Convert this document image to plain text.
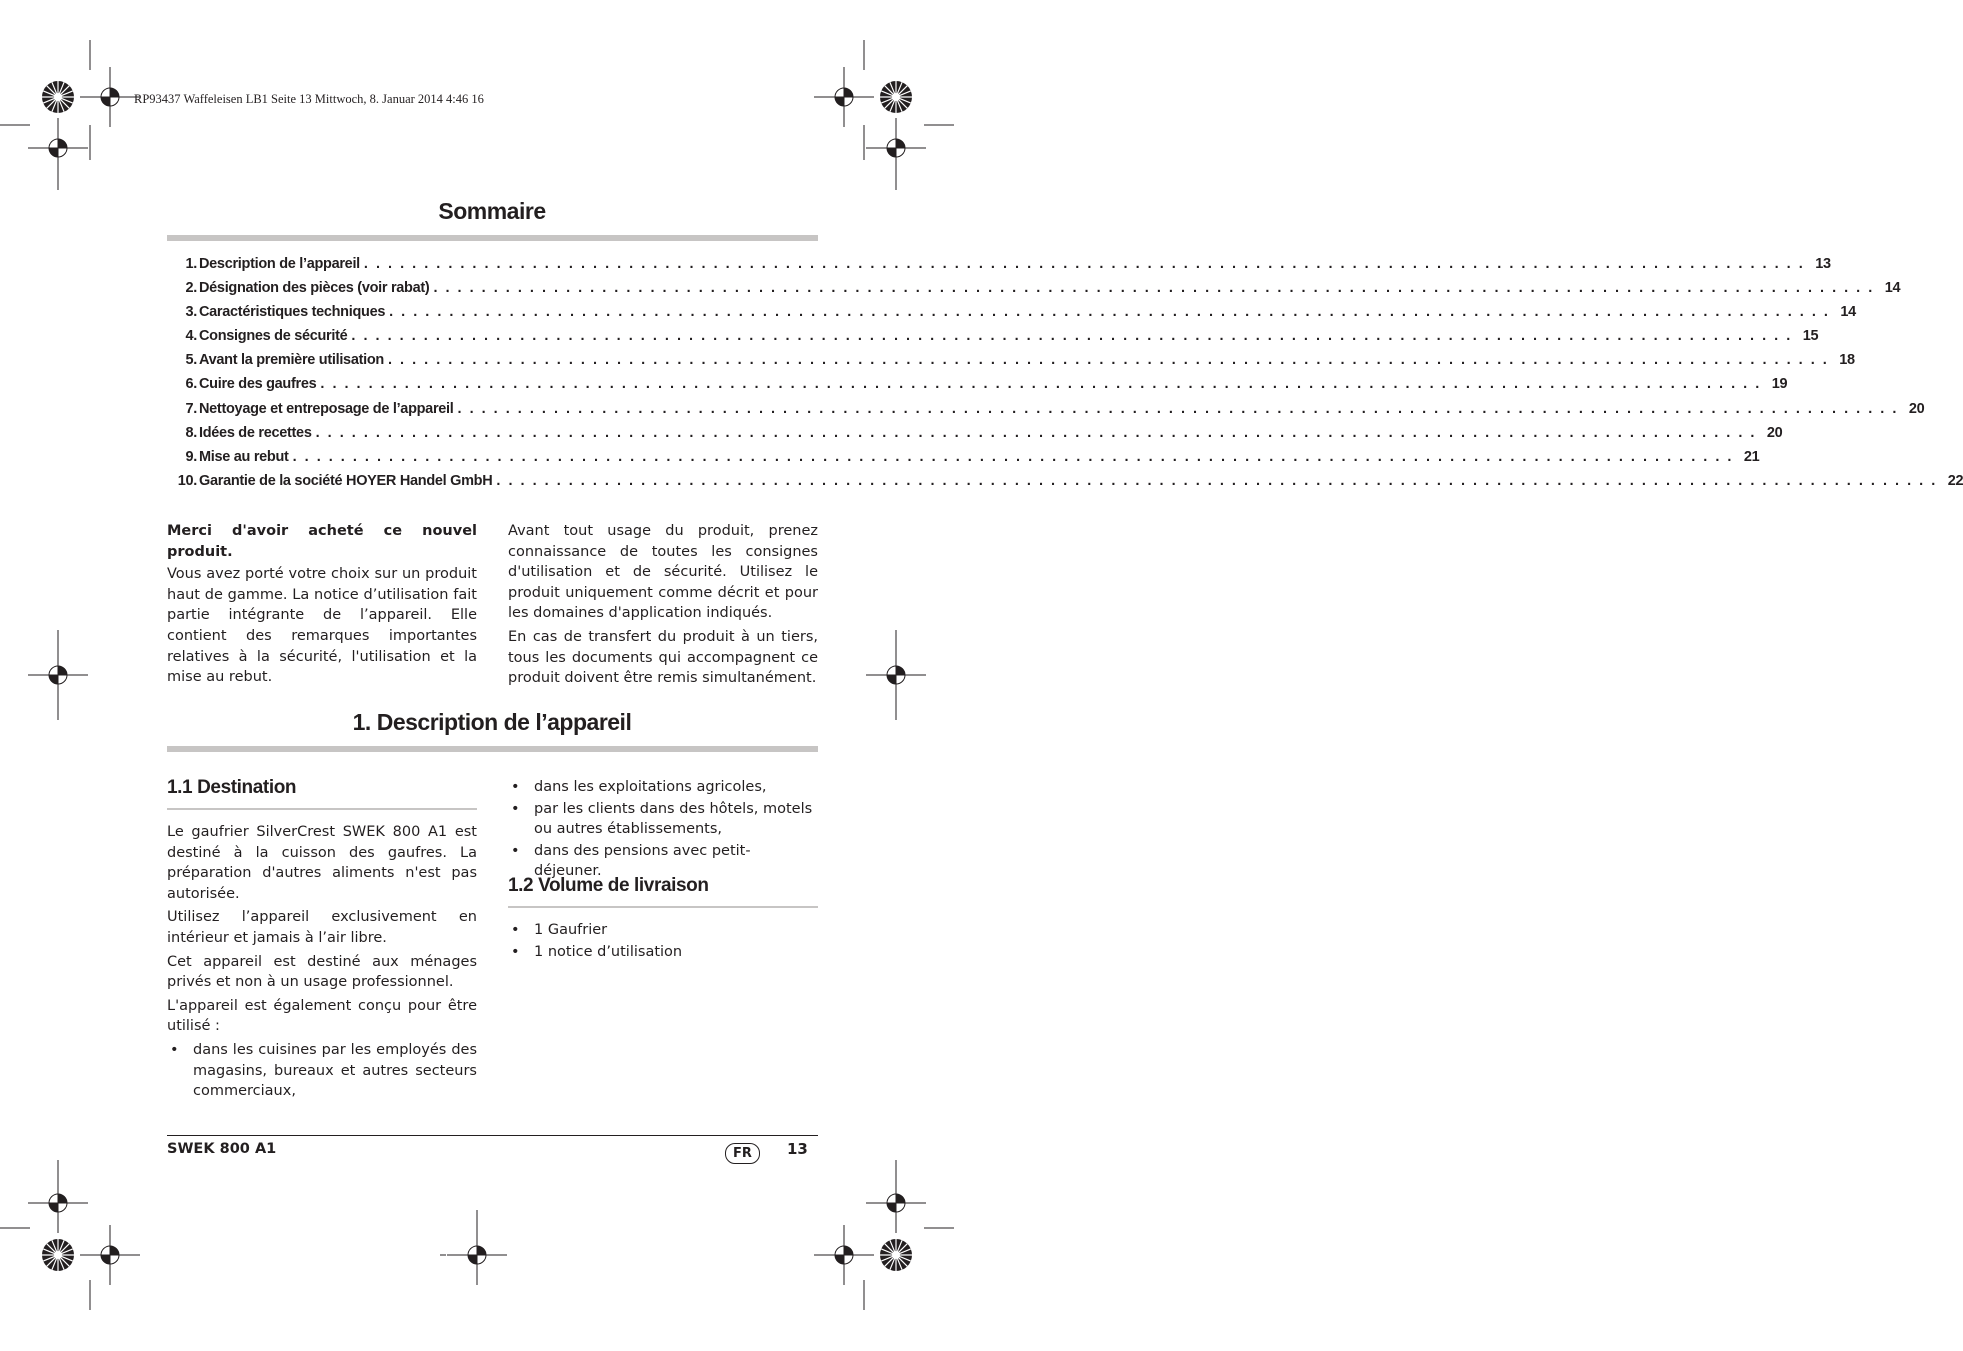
RP93437 Waffeleisen LB1 Seite 13 Mittwoch, 8. Januar 2014 4:46 16
Sommaire
1. Description de l’appareil . . . . . . . . . . . . . . . . . . . . . . . . . . . . . . . . . . . . . . . . . . . . . . . . . . . . . . . . . . . . . . . . . . . . . . . . . . . . . . . . . . . . . . . . . . . . . . . . . . . . . . . . . . . . . . . . . . . . . . . . 13
2. Désignation des pièces (voir rabat) . . . . . . . . . . . . . . . . . . . . . . . . . . . . . . . . . . . . . . . . . . . . . . . . . . . . . . . . . . . . . . . . . . . . . . . . . . . . . . . . . . . . . . . . . . . . . . . . . . . . . . . . . . . . . . . . . . . . . . . . 14
3. Caractéristiques techniques . . . . . . . . . . . . . . . . . . . . . . . . . . . . . . . . . . . . . . . . . . . . . . . . . . . . . . . . . . . . . . . . . . . . . . . . . . . . . . . . . . . . . . . . . . . . . . . . . . . . . . . . . . . . . . . . . . . . . . . . 14
4. Consignes de sécurité . . . . . . . . . . . . . . . . . . . . . . . . . . . . . . . . . . . . . . . . . . . . . . . . . . . . . . . . . . . . . . . . . . . . . . . . . . . . . . . . . . . . . . . . . . . . . . . . . . . . . . . . . . . . . . . . . . . . . . . . 15
5. Avant la première utilisation . . . . . . . . . . . . . . . . . . . . . . . . . . . . . . . . . . . . . . . . . . . . . . . . . . . . . . . . . . . . . . . . . . . . . . . . . . . . . . . . . . . . . . . . . . . . . . . . . . . . . . . . . . . . . . . . . . . . . . . . 18
6. Cuire des gaufres . . . . . . . . . . . . . . . . . . . . . . . . . . . . . . . . . . . . . . . . . . . . . . . . . . . . . . . . . . . . . . . . . . . . . . . . . . . . . . . . . . . . . . . . . . . . . . . . . . . . . . . . . . . . . . . . . . . . . . . . 19
7. Nettoyage et entreposage de l’appareil . . . . . . . . . . . . . . . . . . . . . . . . . . . . . . . . . . . . . . . . . . . . . . . . . . . . . . . . . . . . . . . . . . . . . . . . . . . . . . . . . . . . . . . . . . . . . . . . . . . . . . . . . . . . . . . . . . . . . . . . 20
8. Idées de recettes . . . . . . . . . . . . . . . . . . . . . . . . . . . . . . . . . . . . . . . . . . . . . . . . . . . . . . . . . . . . . . . . . . . . . . . . . . . . . . . . . . . . . . . . . . . . . . . . . . . . . . . . . . . . . . . . . . . . . . . . 20
9. Mise au rebut . . . . . . . . . . . . . . . . . . . . . . . . . . . . . . . . . . . . . . . . . . . . . . . . . . . . . . . . . . . . . . . . . . . . . . . . . . . . . . . . . . . . . . . . . . . . . . . . . . . . . . . . . . . . . . . . . . . . . . . . 21
10. Garantie de la société HOYER Handel GmbH . . . . . . . . . . . . . . . . . . . . . . . . . . . . . . . . . . . . . . . . . . . . . . . . . . . . . . . . . . . . . . . . . . . . . . . . . . . . . . . . . . . . . . . . . . . . . . . . . . . . . . . . . . . . . . . . . . . . . . . . 22

Merci d'avoir acheté ce nouvel produit.

Vous avez porté votre choix sur un produit haut de gamme. La notice d’utilisation fait partie intégrante de l’appareil. Elle contient des remarques importantes relatives à la sécurité, l'utilisation et la mise au rebut.

Avant tout usage du produit, prenez connaissance de toutes les consignes d'utilisation et de sécurité. Utilisez le produit uniquement comme décrit et pour les domaines d'application indiqués.

En cas de transfert du produit à un tiers, tous les documents qui accompagnent ce produit doivent être remis simultanément.

1. Description de l’appareil
1.1 Destination

Le gaufrier SilverCrest SWEK 800 A1 est destiné à la cuisson des gaufres. La préparation d'autres aliments n'est pas autorisée.

Utilisez l’appareil exclusivement en intérieur et jamais à l’air libre.

Cet appareil est destiné aux ménages privés et non à un usage professionnel.

L'appareil est également conçu pour être utilisé :

• dans les cuisines par les employés des magasins, bureaux et autres secteurs commerciaux,
• dans les exploitations agricoles,
• par les clients dans des hôtels, motels ou autres établissements,
• dans des pensions avec petit-déjeuner.
1.2 Volume de livraison
• 1 Gaufrier
• 1 notice d’utilisation
SWEK 800 A1	FR	13
